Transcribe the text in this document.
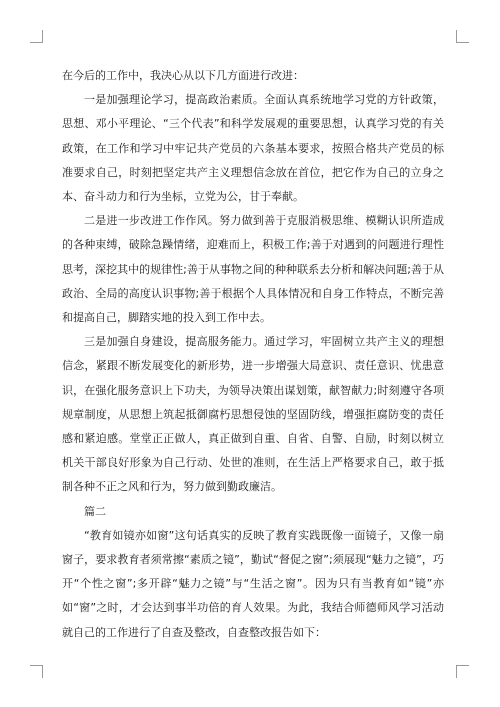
在今后的工作中，我决心从以下几方面进行改进：

一是加强理论学习，提高政治素质。全面认真系统地学习党的方针政策，思想、邓小平理论、“三个代表”和科学发展观的重要思想，认真学习党的有关政策，在工作和学习中牢记共产党员的六条基本要求，按照合格共产党员的标准要求自己，时刻把坚定共产主义理想信念放在首位，把它作为自己的立身之本、奋斗动力和行为坐标，立党为公，甘于奉献。

二是进一步改进工作作风。努力做到善于克服消极思维、模糊认识所造成的各种束缚，破除急躁情绪，迎难而上，积极工作;善于对遇到的问题进行理性思考，深挖其中的规律性;善于从事物之间的种种联系去分析和解决问题;善于从政治、全局的高度认识事物;善于根据个人具体情况和自身工作特点，不断完善和提高自己，脚踏实地的投入到工作中去。

三是加强自身建设，提高服务能力。通过学习，牢固树立共产主义的理想信念，紧跟不断发展变化的新形势，进一步增强大局意识、责任意识、忧患意识，在强化服务意识上下功夫，为领导决策出谋划策，献智献力;时刻遵守各项规章制度，从思想上筑起抵御腐朽思想侵蚀的坚固防线，增强拒腐防变的责任感和紧迫感。堂堂正正做人，真正做到自重、自省、自警、自励，时刻以树立机关干部良好形象为自己行动、处世的准则，在生活上严格要求自己，敢于抵制各种不正之风和行为，努力做到勤政廉洁。

篇二

“教育如镜亦如窗”这句话真实的反映了教育实践既像一面镜子，又像一扇窗子，要求教育者须常擦“素质之镜”，勤试“督促之窗”;须展现“魅力之镜”，巧开“个性之窗”;多开辟“魅力之镜”与“生活之窗”。因为只有当教育如“镜”亦如“窗”之时，才会达到事半功倍的育人效果。为此，我结合师德师风学习活动就自己的工作进行了自查及整改，自查整改报告如下：
